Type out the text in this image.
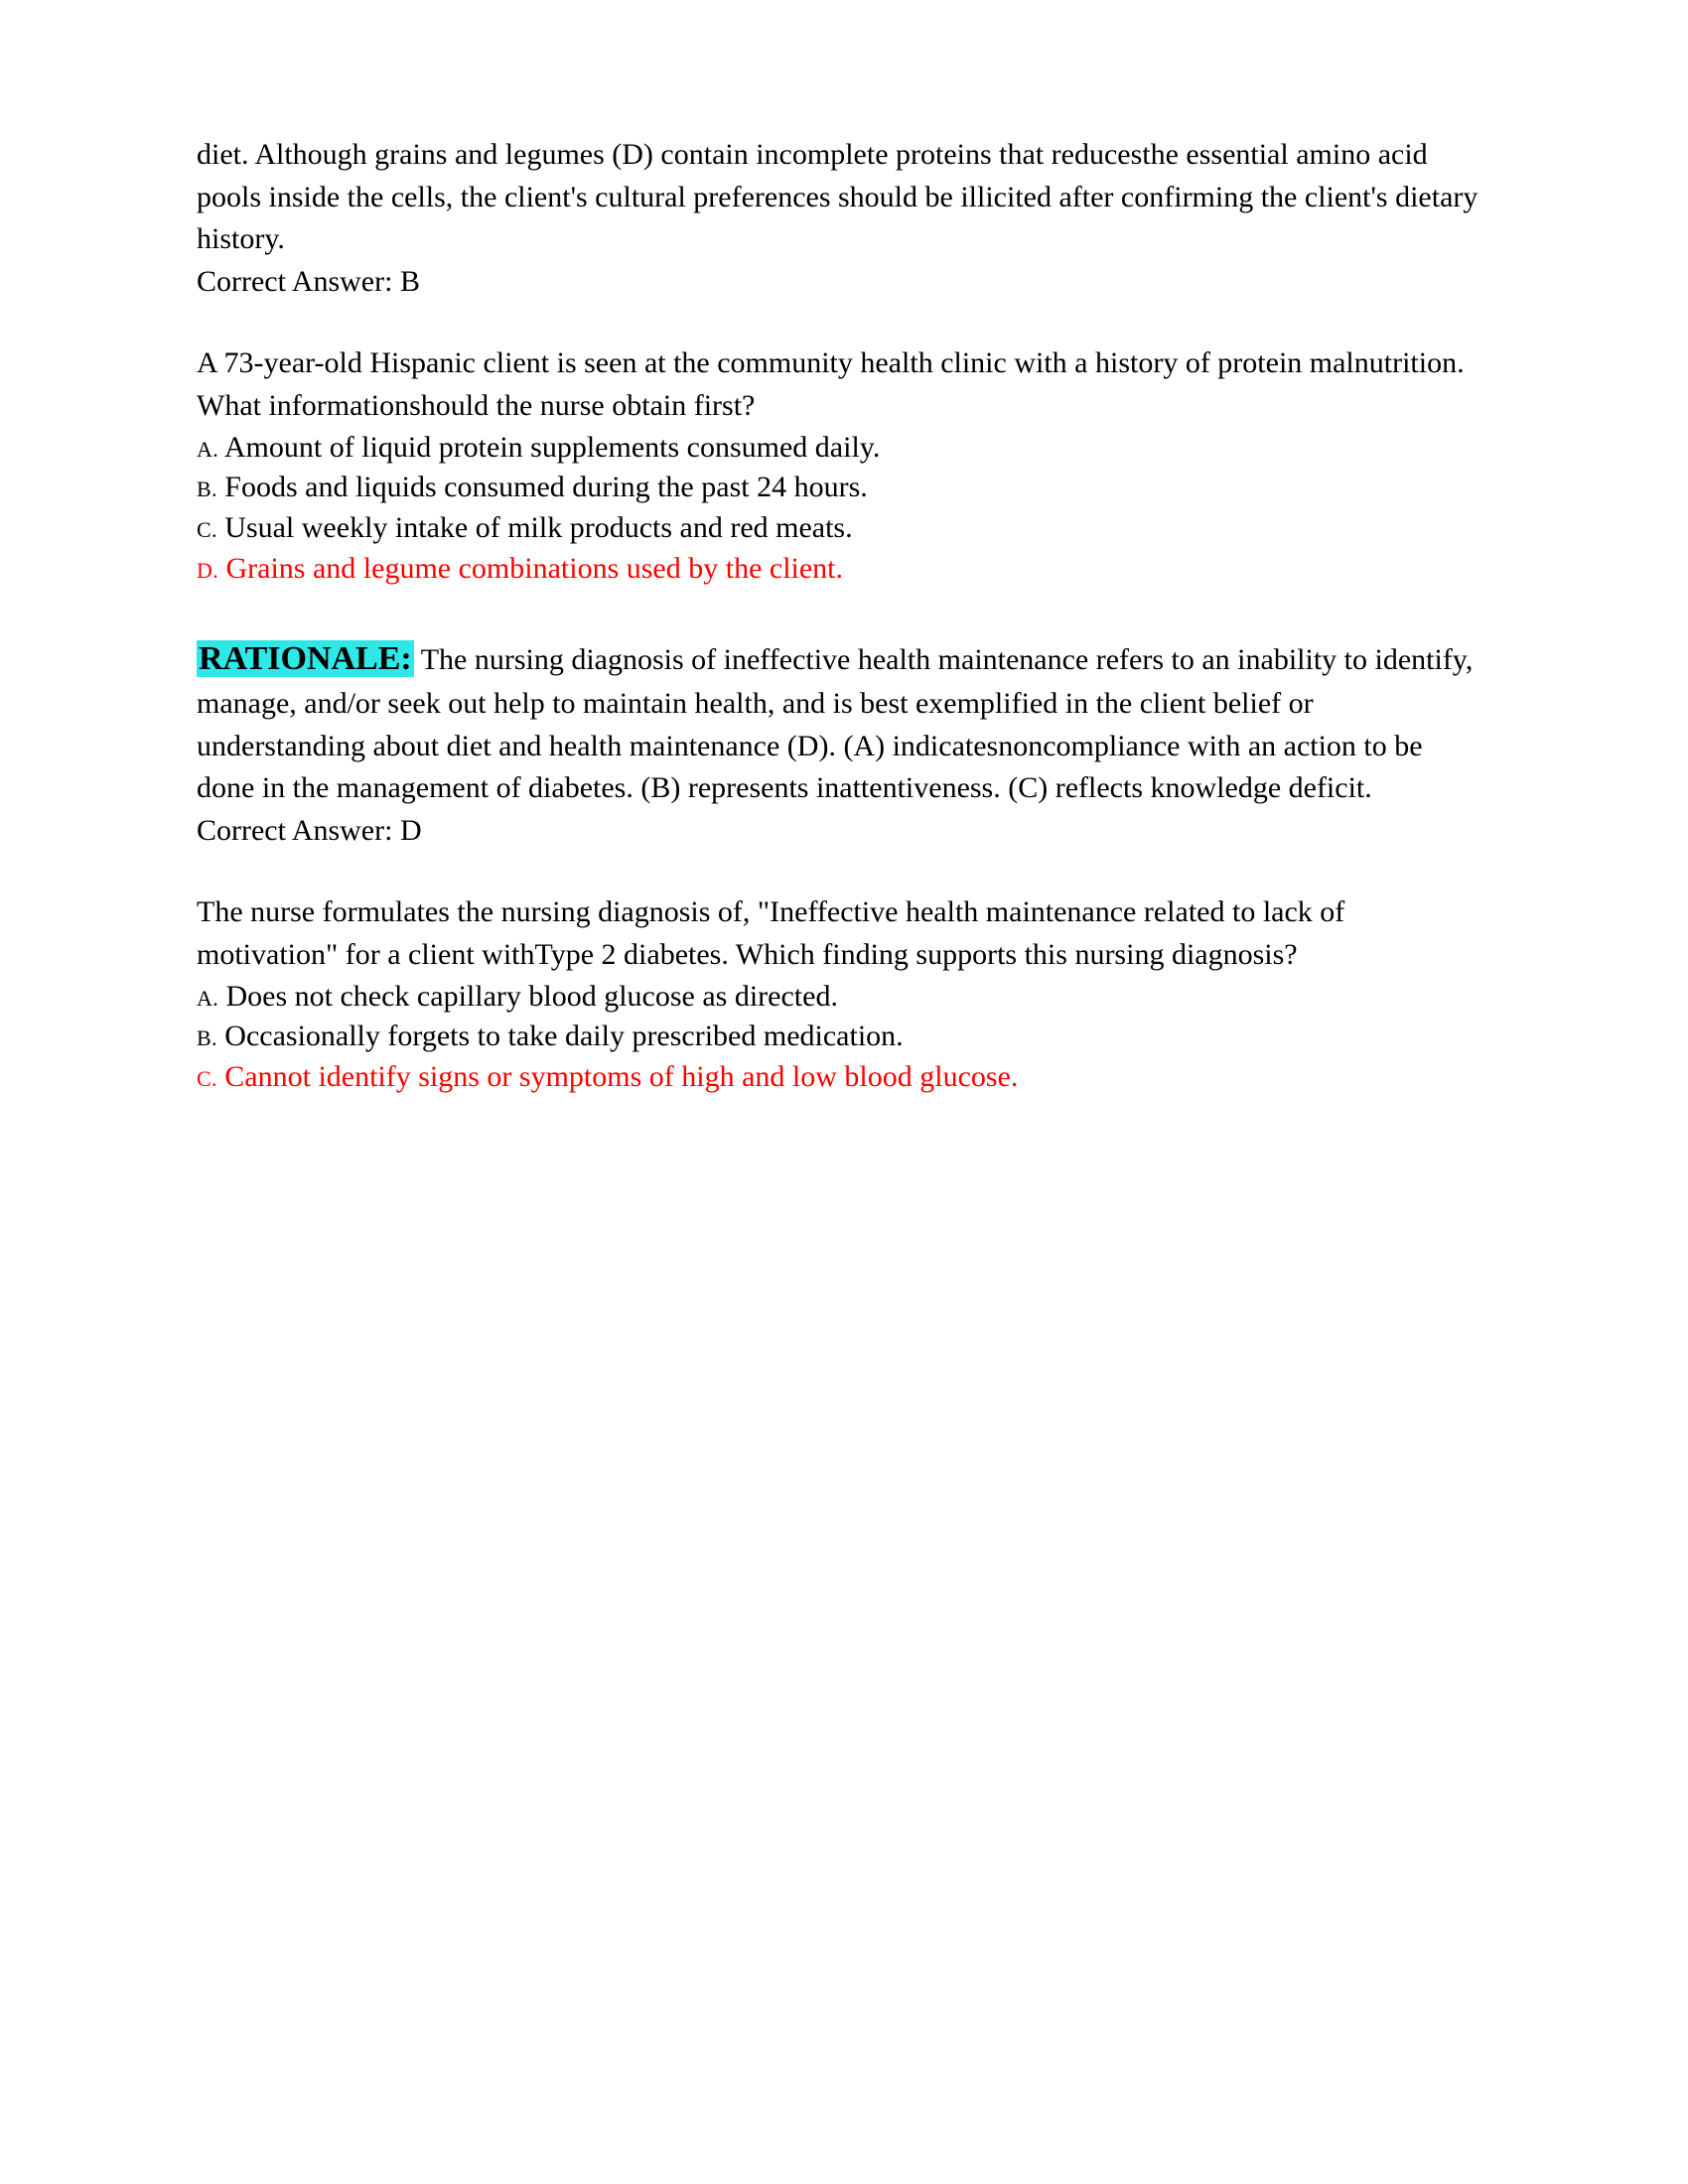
……

diet. Although grains and legumes (D) contain incomplete proteins that reducesthe essential amino acid pools inside the cells, the client's cultural preferences should be illicited after confirming the client's dietary history.

Correct Answer: B

A 73-year-old Hispanic client is seen at the community health clinic with a history of protein malnutrition. What informationshould the nurse obtain first?

A. Amount of liquid protein supplements consumed daily.

B. Foods and liquids consumed during the past 24 hours.

C. Usual weekly intake of milk products and red meats.

D. Grains and legume combinations used by the client.

RATIONALE: The nursing diagnosis of ineffective health maintenance refers to an inability to identify, manage, and/or seek out help to maintain health, and is best exemplified in the client belief or understanding about diet and health maintenance (D). (A) indicatesnoncompliance with an action to be done in the management of diabetes. (B) represents inattentiveness. (C) reflects knowledge deficit.

Correct Answer: D

The nurse formulates the nursing diagnosis of, "Ineffective health maintenance related to lack of motivation" for a client withType 2 diabetes. Which finding supports this nursing diagnosis?

A. Does not check capillary blood glucose as directed.

B. Occasionally forgets to take daily prescribed medication.

C. Cannot identify signs or symptoms of high and low blood glucose.
